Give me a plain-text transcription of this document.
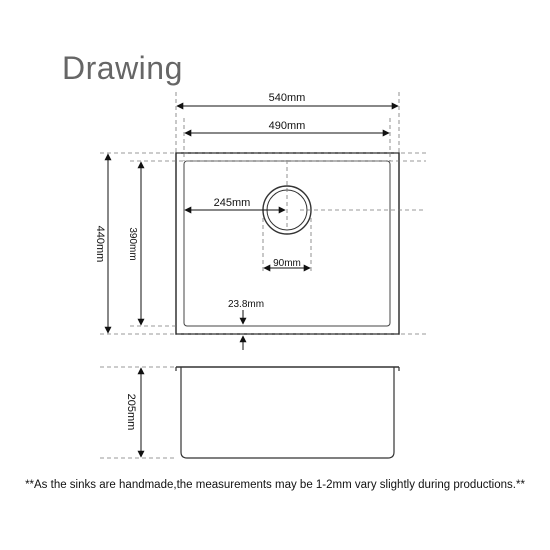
Drawing
540mm
490mm
245mm
90mm
23.8mm
440mm 390mm
205mm
**As the sinks are handmade,the measurements may be 1-2mm vary slightly during productions.**
